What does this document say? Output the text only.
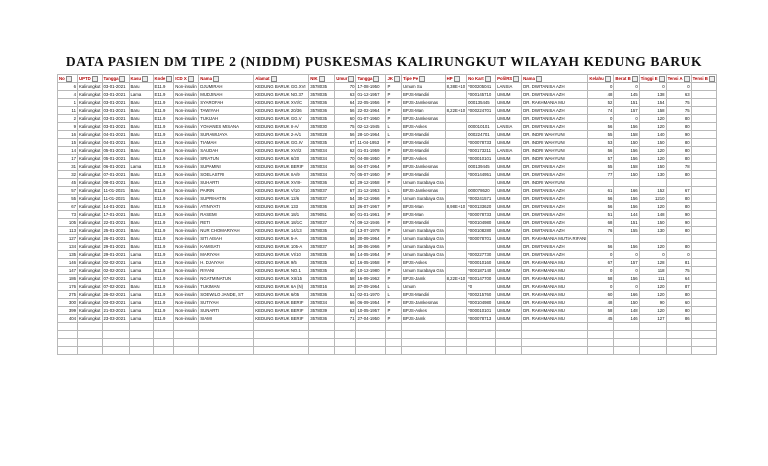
DATA PASIEN DM TIPE 2 (NIDDM) PUSKESMAS KALIRUNGKUT WILAYAH KEDUNG BARUK
No	UPTD	Tangga	Kasu	Kode	ICD X	Nama	Alamat	NIK	Umur	Tangga	JK	Tipe Pe	HP	No Kart	Poli/RS	Nama	Kelahu	Berat B	Tinggi E	Tensi A	Tensi B
6	Kalirungkut	03-01-2021	Baru	E11.9	Non-insulin	DJUMIRAH	KEDUNG BARUK GG.XVI	3578035	70	17-08-1950	P	Umum Su	8,38E+10	*000205041	LANSIA	DR. DWITANISA AZH	0	0	0	0	
4	Kalirungkut	03-01-2021	Lama	E11.9	Non-insulin	MUDJINAH	KEDUNG BARUK NO.37	3578035	63	01-12-1957	P	BPJS-Mandiri		*000145710	UMUM	DR. DWITANISA AZH	48	145	138	63	
1	Kalirungkut	03-01-2021	Baru	E11.9	Non-insulin	SYAROFAH	KEDUNG BARUK XVI/C	3578036	64	22-05-1956	P	BPJS-Jamkesmas		000135445	UMUM	DR. RAKHMANIA MU	52	151	154	75	
11	Kalirungkut	03-01-2021	Baru	E11.9	Non-insulin	TAWIYAH	KEDUNG BARUK 20/36	3578036	56	22-02-1964	P	BPJS-Man	8,22E+10	*000224701	UMUM	DR. DWITANISA AZH	74	157	158	75	
2	Kalirungkut	03-01-2021	Baru	E11.9	Non-insulin	TUKIJAH	KEDUNG BARUK GG.V	3578035	60	01-07-1960	P	BPJS-Jamkesmas			UMUM	DR. DWITANISA AZH	0	0	120	80	
9	Kalirungkut	03-01-2021	Baru	E11.9	Non-insulin	YOHANES MISANA	KEDUNG BARUK II-A/	3578030	75	02-12-1945	L	BPJS-Askes		000010101	LANSIA	DR. DWITANISA AZH	56	156	120	80	
16	Kalirungkut	04-01-2021	Baru	E11.9	Non-insulin	SURAWIJAYA	KEDUNG BARUK 2-A/1	3578028	56	28-10-1964	L	BPJS-Mandiri		000224701	UMUM	DR. INDRI WAHYUNI	55	158	140	90	
15	Kalirungkut	04-01-2021	Baru	E11.9	Non-insulin	TIAMAH	KEDUNG BARUK GG.IV	3578035	67	11-04-1953	P	BPJS-Mandiri		*000078733	UMUM	DR. INDRI WAHYUNI	53	150	150	80	
14	Kalirungkut	05-01-2021	Baru	E11.9	Non-insulin	SAUDAH	KEDUNG BARUK XVI/2	3578034	62	01-01-1959	P	BPJS-Mandiri		*000173211	LANSIA	DR. INDRI WAHYUNI	56	156	120	80	
17	Kalirungkut	05-01-2021	Baru	E11.9	Non-insulin	SRIATUN	KEDUNG BARUK 6/20	3578034	70	04-08-1950	P	BPJS-Askes		*000010101	UMUM	DR. INDRI WAHYUNI	57	156	120	80	
31	Kalirungkut	06-01-2021	Lama	E11.9	Non-insulin	SUPAMINI	KEDUNG BARUK BERIF	3578034	56	04-07-1964	P	BPJS-Jamkesmas		000139445	UMUM	DR. DWITANISA AZH	55	158	150	78	
32	Kalirungkut	07-01-2021	Baru	E11.9	Non-insulin	SOELASTRI	KEDUNG BARUK IIA/9	3578034	70	05-07-1950	P	BPJS-Mandiri		*000144951	UMUM	DR. DWITANISA AZH	77	150	130	80	
45	Kalirungkut	08-01-2021	Baru	E11.9	Non-insulin	SUHARTI	KEDUNG BARUK XVIII-	3578036	62	29-12-1958	P	Umum Surabaya Gra			UMUM	DR. INDRI WAHYUNI					
57	Kalirungkut	11-01-2021	Baru	E11.9	Non-insulin	PAIRIN	KEDUNG BARUK V/10	3578037	67	31-12-1953	L	BPJS-Jamkesmas		000078620	UMUM	DR. DWITANISA AZH	61	166	152	67	
55	Kalirungkut	11-01-2021	Baru	E11.9	Non-insulin	SUPRIHATIN	KEDUNG BARUK 12/6	3578037	54	30-12-1966	P	Umum Surabaya Gra		*000241571	UMUM	DR. DWITANISA AZH	56	156	1210	80	
67	Kalirungkut	14-01-2021	Baru	E11.9	Non-insulin	ATINIYATI	KEDUNG BARUK 133	3578036	53	26-07-1967	P	BPJS-Man	8,98E+10	*000133620	UMUM	DR. DWITANISA AZH	56	156	120	80	
73	Kalirungkut	17-01-2021	Baru	E11.9	Non-insulin	RASEMI	KEDUNG BARUK 18/1	3579051	60	01-01-1961	P	BPJS-Man		*000078733	UMUM	DR. DWITANISA AZH	51	144	148	90	
105	Kalirungkut	22-01-2021	Baru	E11.9	Non-insulin	RETI	KEDUNG BARUK 18/1C	3578037	74	09-12-1946	P	BPJS-Mandiri		*000104980	UMUM	DR. DWITANISA AZH	68	151	150	90	
113	Kalirungkut	25-01-2021	Baru	E11.9	Non-insulin	NUR CHOMARIYAH	KEDUNG BARUK 14/13	3578035	42	13-07-1978	P	Umum Surabaya Gra		*000108280	UMUM	DR. DWITANISA AZH	76	155	130	80	
127	Kalirungkut	26-01-2021	Baru	E11.9	Non-insulin	SITI AISAH	KEDUNG BARUK 5-A	3578036	56	20-09-1964	P	Umum Surabaya Gra		*000078701	UMUM	DR. RAKHMANIA MUTIA RIFANI					
134	Kalirungkut	29-01-2021	Baru	E11.9	Non-insulin	KAMISATI	KEDUNG BARUK 105-A	3578037	54	30-06-1966	P	Umum Surabaya Gra			UMUM	DR. DWITANISA AZH	56	156	120	80	
135	Kalirungkut	29-01-2021	Lama	E11.9	Non-insulin	MARIYAH	KEDUNG BARUK VI/10	3578035	66	14-05-1954	P	Umum Surabaya Gra		*000227730	UMUM	DR. DWITANISA AZH	0	0	0	0	
146	Kalirungkut	02-02-2021	Lama	E11.9	Non-insulin	H. DJAIYAH	KEDUNG BARUK 9/5	3578035	62	16-05-1958	P	BPJS-Askes		*000010160	UMUM	DR. RAKHMANIA MU	67	157	128	81	
147	Kalirungkut	02-02-2021	Lama	E11.9	Non-insulin	RIYANI	KEDUNG BARUK NO.1	3578035	40	10-12-1980	P	Umum Surabaya Gra		*000187140	UMUM	DR. RAKHMANIA MU	0	0	118	75	
186	Kalirungkut	07-02-2021	Lama	E11.9	Non-insulin	NGATMINATUN	KEDUNG BARUK XII/15	3578035	58	16-09-1962	P	BPJS-Jamk	8,22E+10	*000147700	UMUM	DR. RAKHMANIA MU	58	156	111	64	
176	Kalirungkut	07-02-2021	Baru	E11.9	Non-insulin	TUKIMAN	KEDUNG BARUK 6A (N)	3578016	56	27-09-1964	L	Umum		*0	UMUM	DR. RAKHMANIA MU	0	0	120	87	
275	Kalirungkut	26-02-2021	Lama	E11.9	Non-insulin	SOEWILO JANDE, ST	KEDUNG BARUK 6/05	3578036	51	02-01-1970	L	BPJS-Mandiri		*000215760	UMUM	DR. RAKHMANIA MU	60	166	120	80	
300	Kalirungkut	03-03-2021	Lama	E11.9	Non-insulin	SUTIYAH	KEDUNG BARUK BERIF	3578034	66	06-09-1954	P	BPJS-Jamkesmas		*000104980	UMUM	DR. RAKHMANIA MU	48	150	90	60	
399	Kalirungkut	21-03-2021	Lama	E11.9	Non-insulin	SUNARTI	KEDUNG BARUK BERIF	3578039	63	10-05-1957	P	BPJS-Askes		*000010101	UMUM	DR. RAKHMANIA MU	58	148	120	80	
404	Kalirungkut	23-03-2021	Lama	E11.9	Non-insulin	SIAMI	KEDUNG BARUK BERIF	3578036	71	27-04-1950	P	BPJS-Jamk		*000078713	UMUM	DR. RAKHMANIA MU	45	146	127	86	
